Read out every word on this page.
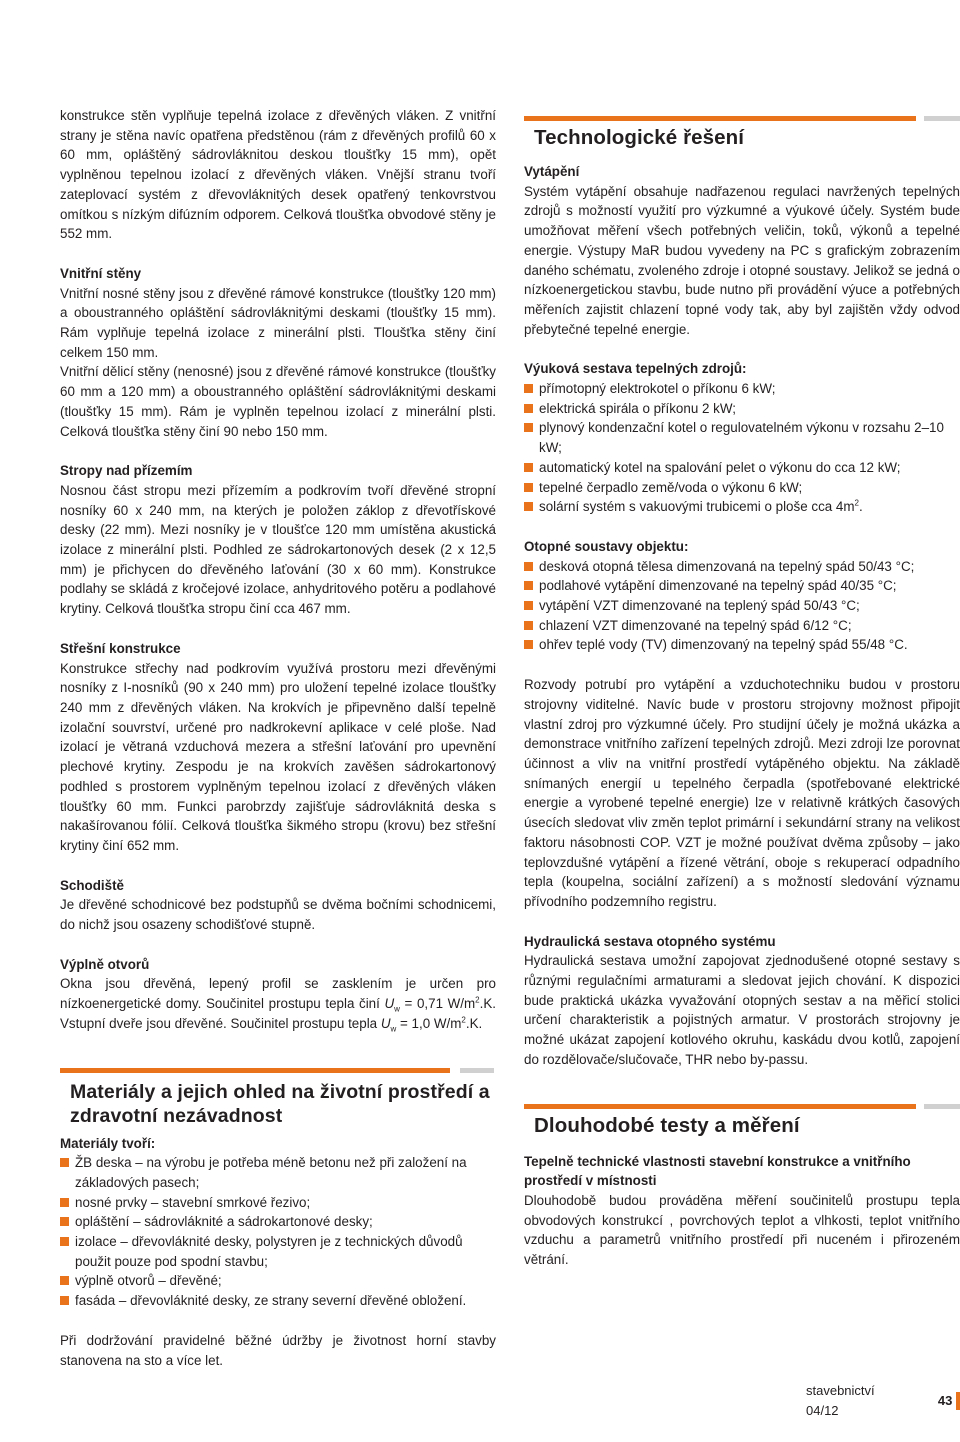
konstrukce stěn vyplňuje tepelná izolace z dřevěných vláken. Z vnitřní strany je stěna navíc opatřena předstěnou (rám z dřevěných profilů 60 x 60 mm, opláštěný sádrovláknitou deskou tloušťky 15 mm), opět vyplněnou tepelnou izolací z dřevěných vláken. Vnější stranu tvoří zateplovací systém z dřevovláknitých desek opatřený tenkovrstvou omítkou s nízkým difúzním odporem. Celková tloušťka obvodové stěny je 552 mm.

Vnitřní stěny

Vnitřní nosné stěny jsou z dřevěné rámové konstrukce (tloušťky 120 mm) a oboustranného opláštění sádrovláknitými deskami (tloušťky 15 mm). Rám vyplňuje tepelná izolace z minerální plsti. Tloušťka stěny činí celkem 150 mm.

Vnitřní dělicí stěny (nenosné) jsou z dřevěné rámové konstrukce (tloušťky 60 mm a 120 mm) a oboustranného opláštění sádrovláknitými deskami (tloušťky 15 mm). Rám je vyplněn tepelnou izolací z minerální plsti. Celková tloušťka stěny činí 90 nebo 150 mm.

Stropy nad přízemím

Nosnou část stropu mezi přízemím a podkrovím tvoří dřevěné stropní nosníky 60 x 240 mm, na kterých je položen záklop z dřevotřískové desky (22 mm). Mezi nosníky je v tloušťce 120 mm umístěna akustická izolace z minerální plsti. Podhled ze sádrokartonových desek (2 x 12,5 mm) je přichycen do dřevěného laťování (30 x 60 mm). Konstrukce podlahy se skládá z kročejové izolace, anhydritového potěru a podlahové krytiny. Celková tloušťka stropu činí cca 467 mm.

Střešní konstrukce

Konstrukce střechy nad podkrovím využívá prostoru mezi dřevěnými nosníky z I-nosníků (90 x 240 mm) pro uložení tepelné izolace tloušťky 240 mm z dřevěných vláken. Na krokvích je připevněno další tepelně izolační souvrství, určené pro nadkrokevní aplikace v celé ploše. Nad izolací je větraná vzduchová mezera a střešní laťování pro upevnění plechové krytiny. Zespodu je na krokvích zavěšen sádrokartonový podhled s prostorem vyplněným tepelnou izolací z dřevěných vláken tloušťky 60 mm. Funkci parobrzdy zajišťuje sádrovláknitá deska s nakašírovanou fólií. Celková tloušťka šikmého stropu (krovu) bez střešní krytiny činí 652 mm.

Schodiště

Je dřevěné schodnicové bez podstupňů se dvěma bočními schodnicemi, do nichž jsou osazeny schodišťové stupně.

Výplně otvorů

Okna jsou dřevěná, lepený profil se zasklením je určen pro nízkoenergetické domy. Součinitel prostupu tepla činí $U_w = 0,71$ $W/m^2.K$. Vstupní dveře jsou dřevěné. Součinitel prostupu tepla $U_w = 1,0$ $W/m^2.K$.

Materiály a jejich ohled na životní prostředí a zdravotní nezávadnost
Materiály tvoří:
ŽB deska – na výrobu je potřeba méně betonu než při založení na základových pasech;
nosné prvky – stavební smrkové řezivo;
opláštění – sádrovláknité a sádrokartonové desky;
izolace – dřevovláknité desky, polystyren je z technických důvodů použit pouze pod spodní stavbu;
výplně otvorů – dřevěné;
fasáda – dřevovláknité desky, ze strany severní dřevěné obložení.

Při dodržování pravidelné běžné údržby je životnost horní stavby stanovena na sto a více let.

Technologické řešení
Vytápění

Systém vytápění obsahuje nadřazenou regulaci navržených tepelných zdrojů s možností využití pro výzkumné a výukové účely. Systém bude umožňovat měření všech potřebných veličin, toků, výkonů a tepelné energie. Výstupy MaR budou vyvedeny na PC s grafickým zobrazením daného schématu, zvoleného zdroje i otopné soustavy. Jelikož se jedná o nízkoenergetickou stavbu, bude nutno při provádění výuce a potřebných měřeních zajistit chlazení topné vody tak, aby byl zajištěn vždy odvod přebytečné tepelné energie.

Výuková sestava tepelných zdrojů:
přímotopný elektrokotel o příkonu 6 kW;
elektrická spirála o příkonu 2 kW;
plynový kondenzační kotel o regulovatelném výkonu v rozsahu 2–10 kW;
automatický kotel na spalování pelet o výkonu do cca 12 kW;
tepelné čerpadlo země/voda o výkonu 6 kW;
solární systém s vakuovými trubicemi o ploše cca $4m^2$.
Otopné soustavy objektu:
desková otopná tělesa dimenzovaná na tepelný spád 50/43 °C;
podlahové vytápění dimenzované na tepelný spád 40/35 °C;
vytápění VZT dimenzované na teplený spád 50/43 °C;
chlazení VZT dimenzované na tepelný spád 6/12 °C;
ohřev teplé vody (TV) dimenzovaný na tepelný spád 55/48 °C.

Rozvody potrubí pro vytápění a vzduchotechniku budou v prostoru strojovny viditelné. Navíc bude v prostoru strojovny možnost připojit vlastní zdroj pro výzkumné účely. Pro studijní účely je možná ukázka a demonstrace vnitřního zařízení tepelných zdrojů. Mezi zdroji lze porovnat účinnost a vliv na vnitřní prostředí vytápěného objektu. Na základě snímaných energií u tepelného čerpadla (spotřebované elektrické energie a vyrobené tepelné energie) lze v relativně krátkých časových úsecích sledovat vliv změn teplot primární i sekundární strany na velikost faktoru násobnosti COP. VZT je možné používat dvěma způsoby – jako teplovzdušné vytápění a řízené větrání, oboje s rekuperací odpadního tepla (koupelna, sociální zařízení) a s možností sledování významu přívodního podzemního registru.

Hydraulická sestava otopného systému

Hydraulická sestava umožní zapojovat zjednodušené otopné sestavy s různými regulačními armaturami a sledovat jejich chování. K dispozici bude praktická ukázka vyvažování otopných sestav a na měřicí stolici určení charakteristik a pojistných armatur. V prostorách strojovny je možné ukázat zapojení kotlového okruhu, kaskádu dvou kotlů, zapojení do rozdělovače/slučovače, THR nebo by-passu.

Dlouhodobé testy a měření
Tepelně technické vlastnosti stavební konstrukce a vnitřního prostředí v místnosti

Dlouhodobě budou prováděna měření součinitelů prostupu tepla obvodových konstrukcí , povrchových teplot a vlhkosti, teplot vnitřního vzduchu a parametrů vnitřního prostředí při nuceném i přirozeném větrání.

stavebnictví 04/12
43
